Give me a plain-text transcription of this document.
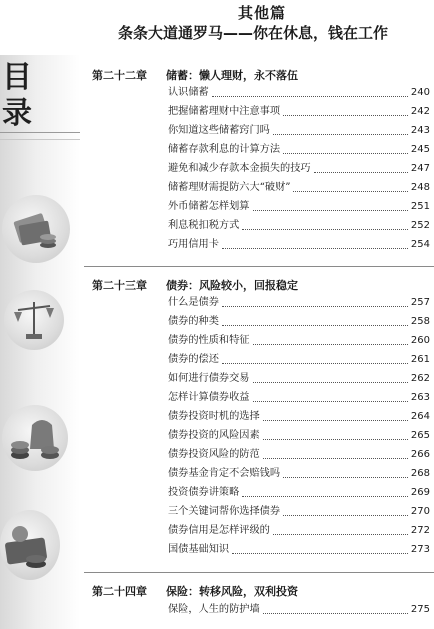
其他篇
条条大道通罗马——你在休息，钱在工作
目
录
第二十二章 储蓄：懒人理财，永不落伍
认识储蓄	240
把握储蓄理财中注意事项	242
你知道这些储蓄窍门吗	243
储蓄存款利息的计算方法	245
避免和减少存款本金损失的技巧	247
储蓄理财需提防六大“破财”	248
外币储蓄怎样划算	251
利息税扣税方式	252
巧用信用卡	254
第二十三章 债券：风险较小，回报稳定
什么是债券	257
债券的种类	258
债券的性质和特征	260
债券的偿还	261
如何进行债券交易	262
怎样计算债券收益	263
债券投资时机的选择	264
债券投资的风险因素	265
债券投资风险的防范	266
债券基金肯定不会赔钱吗	268
投资债券讲策略	269
三个关键词帮你选择债券	270
债券信用是怎样评级的	272
国债基础知识	273
第二十四章 保险：转移风险，双利投资
保险，人生的防护墙	275
